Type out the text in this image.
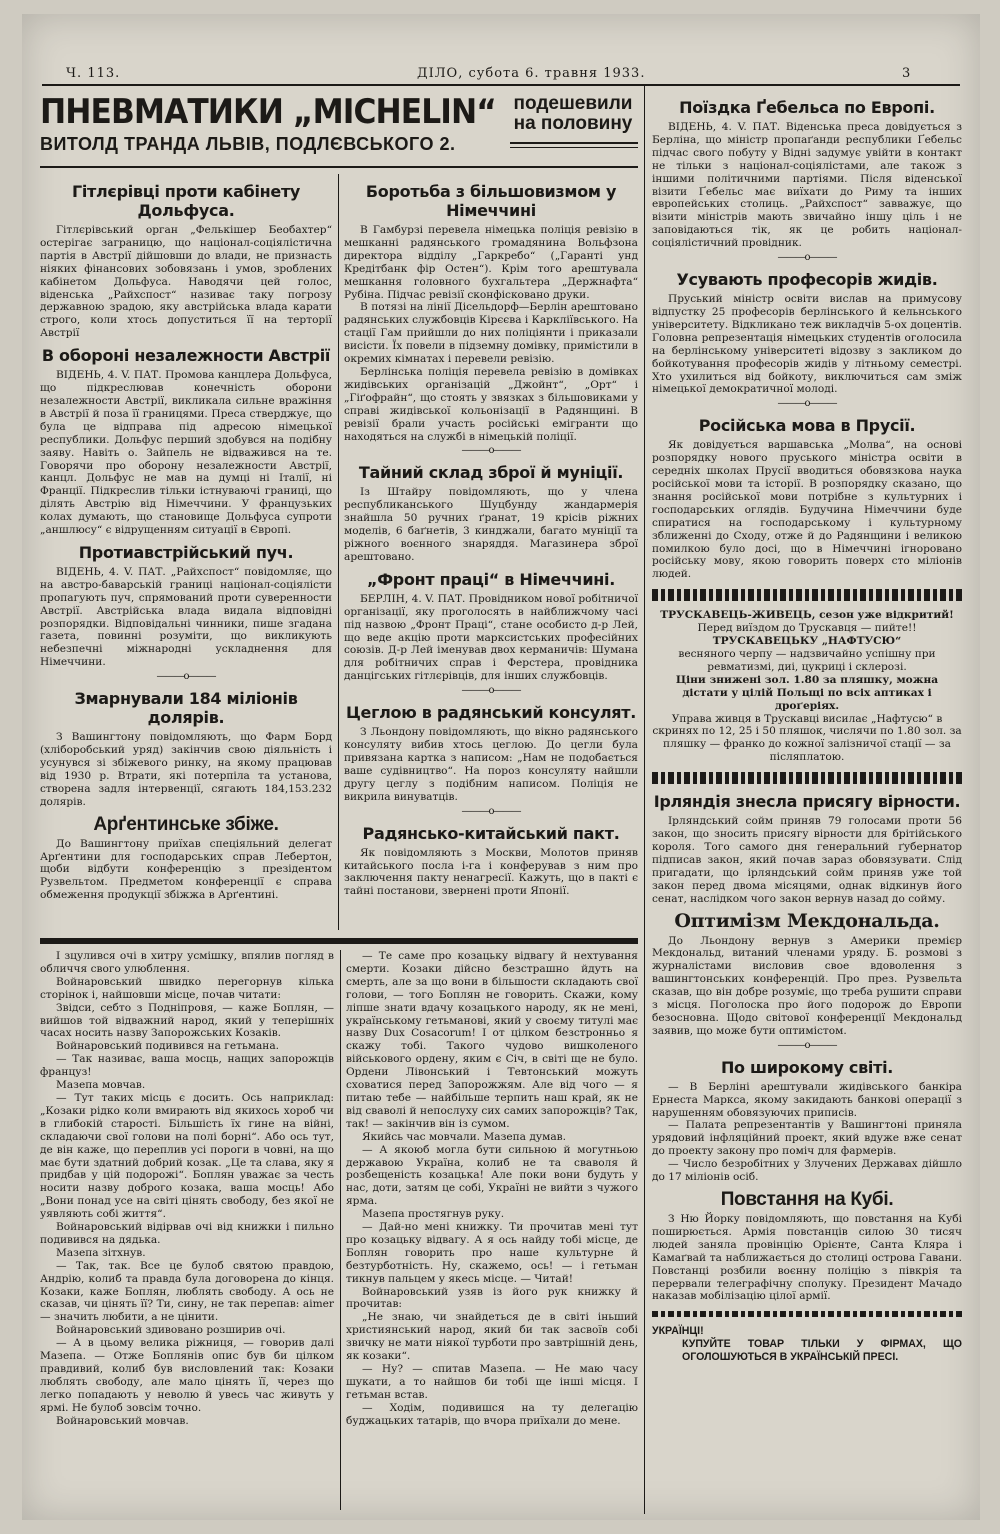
Ч. 113.	ДІЛО, субота 6. травня 1933.	3
ПНЕВМАТИКИ „MICHELIN“ подешевили на половину
ВИТОЛД ТРАНДА ЛЬВІВ, ПОДЛЄВСЬКОГО 2.
Гітлєрівці проти кабінету Дольфуса.

Гітлєрівський орган „Фелькішер Беобахтер“ остерігає заграницю, що націонал-соціялістична партія в Австрії дійшовши до влади, не признасть ніяких фінансових зобовязань і умов, зроблених кабінетом Дольфуса. Наводячи цей голос, віденська „Райхспост“ називає таку погрозу державною зрадою, яку австрійська влада карати строго, коли хтось допуститься її на терторії Австрії

В обороні незалежности Австрії

ВІДЕНЬ, 4. V. ПАТ. Промова канцлера Дольфуса, що підкреслював конечність оборони незалежности Австрії, викликала сильне вражіння в Австрії й поза її границями. Преса стверджує, що була це відправа під адресою німецької республики. Дольфус перший здобувся на подібну заяву. Навіть о. Зайпель не відважився на те. Говорячи про оборону незалежности Австрії, канцл. Дольфус не мав на думці ні Італії, ні Франції. Підкреслив тільки істнуваючі границі, що ділять Австрію від Німеччини. У французьких колах думають, що становище Дольфуса супроти „аншлюсу“ є відрущенням ситуації в Європі.

Протиавстрійський пуч.

ВІДЕНЬ, 4. V. ПАТ. „Райхспост“ повідомляє, що на австро-баварській границі націонал-соціялісти пропагують пуч, спрямований проти суверенности Австрії. Австрійська влада видала відповідні розпорядки. Відповідальні чинники, пише згадана газета, повинні розуміти, що викликують небезпечні міжнародні ускладнення для Німеччини.

———o———
Змарнували 184 міліонів долярів.

З Вашингтону повідомляють, що Фарм Борд (хліборобський уряд) закінчив свою діяльність і усунувся зі збіжевого ринку, на якому працював від 1930 р. Втрати, які потерпіла та установа, створена задля інтервенції, сягають 184,153.232 долярів.

Арґентинське збіже.

До Вашингтону приїхав спеціяльний делегат Арґентини для господарських справ Лебертон, щоби відбути конференцію з презідентом Рузвельтом. Предметом конференції є справа обмеження продукції збіжжа в Арґентині.

Боротьба з більшовизмом у Німеччині

В Гамбурзі перевела німецька поліція ревізію в мешканні радянського громадянина Вольфзона директора відділу „Гаркребо“ („Гаранті унд Кредітбанк фір Остен“). Крім того арештувала мешкання головного бухгальтера „Держнафта“ Рубіна. Підчас ревізії сконфісковано друки.

В потязі на лінії Дісельдорф—Берлін арештовано радянських службовців Кірєєва і Каркліївського. На стації Гам прийшли до них поліціянти і приказали висісти. Їх повели в підземну домівку, примістили в окремих кімнатах і перевели ревізію.

Берлінська поліція перевела ревізію в домівках жидівських організацій „Джойнт“, „Орт“ і „Гіґофрайн“, що стоять у звязках з більшовиками у справі жидівської кольонізації в Радянщині. В ревізії брали участь російські емігранти що находяться на службі в німецькій поліції.

———o———
Тайний склад зброї й муніції.

Із Штайру повідомляють, що у члена республиканського Шуцбунду жандармерія знайшла 50 ручних ґранат, 19 крісів ріжних моделів, 6 баґнетів, 3 кинджали, багато муніції та ріжного воєнного знаряддя. Магазинера зброї арештовано.

„Фронт праці“ в Німеччині.

БЕРЛІН, 4. V. ПАТ. Провідником нової робітничої організації, яку проголосять в найближчому часі під назвою „Фронт Праці“, стане особисто д-р Лей, що веде акцію проти марксистських професійних союзів. Д-р Лей іменував двох керманичів: Шумана для робітничих справ і Ферстера, провідника данцігських гітлєрівців, для інших службовців.

———o———
Цеглою в радянський консулят.

З Льондону повідомляють, що вікно радянського консуляту вибив хтось цеглою. До цегли була привязана картка з написом: „Нам не подобається ваше судівництво“. На пороз консуляту найшли другу цеглу з подібним написом. Поліція не викрила винуватців.

———o———
Радянсько-китайський пакт.

Як повідомляють з Москви, Молотов приняв китайського посла і-га і конферував з ним про заключення пакту ненагресії. Кажуть, що в пакті є тайні постанови, звернені проти Японії.

Поїздка Ґебельса по Европі.

ВІДЕНЬ, 4. V. ПАТ. Віденська преса довідується з Берліна, що міністр пропаґанди республики Ґебельс підчас свого побуту у Відні задумує увійти в контакт не тільки з націонал-соціялістами, але також з іншими політичними партіями. Після віденської візити Ґебельс має виїхати до Риму та інших европейських столиць. „Райхспост“ завважує, що візити міністрів мають звичайно іншу ціль і не заповідаються тік, як це робить націонал-соціялістичний провідник.

———o———
Усувають професорів жидів.

Пруський міністр освіти вислав на примусову відпустку 25 професорів берлінського й кельнського університету. Відкликано теж викладчів 5-ох доцентів. Головна репрезентація німецьких студентів оголосила на берлінському університеті відозву з закликом до бойкотування професорів жидів у літньому семестрі. Хто ухилиться від бойкоту, виключиться сам зміж німецької демократичної молоді.

———o———
Російська мова в Прусії.

Як довідується варшавська „Молва“, на основі розпорядку нового пруського міністра освіти в середніх школах Прусії вводиться обовязкова наука російської мови та історії. В розпорядку сказано, що знання російської мови потрібне з культурних і господарських оглядів. Будучина Німеччини буде спиратися на господарському і культурному зближенні до Сходу, отже й до Радянщини і великою помилкою було досі, що в Німеччині ігноровано російську мову, якою говорить поверх сто міліонів людей.

ТРУСКАВЕЦЬ-ЖИВЕЦЬ, сезон уже відкритий!

Перед виїздом до Трускавця — пийте!!

ТРУСКАВЕЦЬКУ „НАФТУСЮ“

весняного черпу — надзвичайно успішну при ревматизмі, диі, цукриці і склерозі.

Ціни знижені зол. 1.80 за пляшку, можна дістати у цілій Польщі по всіх аптиках і дроґеріях.

Управа живця в Трускавці висилає „Нафтусю“ в скринях по 12, 25 і 50 пляшок, числячи по 1.80 зол. за пляшку — франко до кожної залізничої стації — за післяплатою.

Ірляндія знесла присягу вірности.

Ірляндський сойм приняв 79 голосами проти 56 закон, що зносить присягу вірности для брітійського короля. Того самого дня генеральний ґубернатор підписав закон, який почав зараз обовязувати. Слід пригадати, що ірляндський сойм приняв уже той закон перед двома місяцями, однак відкинув його сенат, наслідком чого закон вернув назад до сойму.

Оптимізм Мекдональда.

До Льондону вернув з Америки премієр Мекдональд, витаний членами уряду. Б. розмові з журналістами висловив свое вдоволення з вашингтонських конференцій. Про през. Рузвельта сказав, що він добре розуміє, що треба рушити справи з місця. Поголоска про його подорож до Европи безосновна. Щодо світової конференції Мекдональд заявив, що може бути оптимістом.

———o———
По широкому світі.

— В Берліні арештували жидівського банкіра Ернеста Маркса, якому закидають банкові операції з нарушенням обовязуючих приписів.

— Палата репрезентантів у Вашингтоні приняла урядовий інфляційний проект, який вдуже вже сенат до проекту закону про поміч для фармерів.

— Число безробітних у Злучених Державах дійшло до 17 міліонів осіб.

Повстання на Кубі.

З Ню Йорку повідомляють, що повстання на Кубі поширюється. Армія повстанців силою 30 тисяч людей заняла провінцію Орієнте, Санта Кляра і Камаґвай та наближається до столиці острова Гавани. Повстанці розбили воєнну поліцію з півкрія та перервали телеграфічну сполуку. Президент Мачадо наказав мобілізацію цілої армії.

УКРАЇНЦІ!

КУПУЙТЕ ТОВАР ТІЛЬКИ У ФІРМАХ, ЩО ОГОЛОШУЮТЬСЯ В УКРАЇНСЬКІЙ ПРЕСІ.

І зцулився очі в хитру усмішку, впялив погляд в обличчя свого улюблення.

Войнаровський швидко перегорнув кілька сторінок і, найшовши місце, почав читати:

Звідси, себто з Подніпровя, — каже Боплян, — вийшов той відважний народ, який у теперішніх часах носить назву Запорожських Козаків.

Войнаровський подивився на гетьмана.

— Так називає, ваша мосць, нащих запорожців француз!

Мазепа мовчав.

— Тут таких місць є досить. Ось наприклад: „Козаки рідко коли вмирають від якихось хороб чи в глибокій старості. Більшість їх гине на війні, складаючи свої голови на полі борні“. Або ось тут, де він каже, що переплив усі пороги в човні, на що має бути здатний добрий козак. „Це та слава, яку я придбав у цій подорожі“. Боплян уважає за честь носити назву доброго козака, ваша мосць! Або „Вони понад усе на світі цінять свободу, без якої не уявляють собі життя“.

Войнаровський відірвав очі від книжки і пильно подивився на дядька.

Мазепа зітхнув.

— Так, так. Все це булоб святою правдою, Андрію, колиб та правда була договорена до кінця. Козаки, каже Боплян, люблять свободу. А ось не сказав, чи цінять її? Ти, сину, не так перепав: aimer — значить любити, а не цінити.

Войнаровський здивовано розширив очі.

— А в цьому велика ріжниця, — говорив далі Мазепа. — Отже Боплянів опис був би цілком правдивий, колиб був висловлений так: Козаки люблять свободу, але мало цінять її, через що легко попадають у неволю й увесь час живуть у ярмі. Не булоб зовсім точно.

Войнаровський мовчав.

— Те саме про козацьку відвагу й нехтування смерти. Козаки дійсно безстрашно йдуть на смерть, але за що вони в більшости складають свої голови, — того Боплян не говорить. Скажи, кому ліпше знати вдачу козацького народу, як не мені, українському гетьманові, який у своєму титулі має назву Dux Cosacorum! І от цілком безстронньо я скажу тобі. Такого чудово вишколеного військового ордену, яким є Січ, в світі ще не було. Ордени Лівонський і Тевтонський можуть сховатися перед Запорожжям. Але від чого — я питаю тебе — найбільше терпить наш край, як не від сваволі й непослуху сих самих запорожців? Так, так! — закінчив він із сумом.

Якийсь час мовчали. Мазепа думав.

— А якоюб могла бути сильною й могутньою державою Україна, колиб не та сваволя й розбещеність козацька! Але поки вони будуть у нас, доти, затям це собі, Україні не вийти з чужого ярма.

Мазепа простягнув руку.

— Дай-но мені книжку. Ти прочитав мені тут про козацьку відвагу. А я ось найду тобі місце, де Боплян говорить про наше культурне й безтурботність. Ну, скажемо, ось! — і гетьман тикнув пальцем у якесь місце. — Читай!

Войнаровський узяв із його рук книжку й прочитав:

„Не знаю, чи знайдеться де в світі іньший християнський народ, який би так засвоїв собі звичку не мати ніякої турботи про завтрішній день, як козаки“.

— Ну? — спитав Мазепа. — Не маю часу шукати, а то найшов би тобі ще інші місця. І гетьман встав.

— Ходім, подивишся на ту делегацію буджацьких татарів, що вчора приїхали до мене.
